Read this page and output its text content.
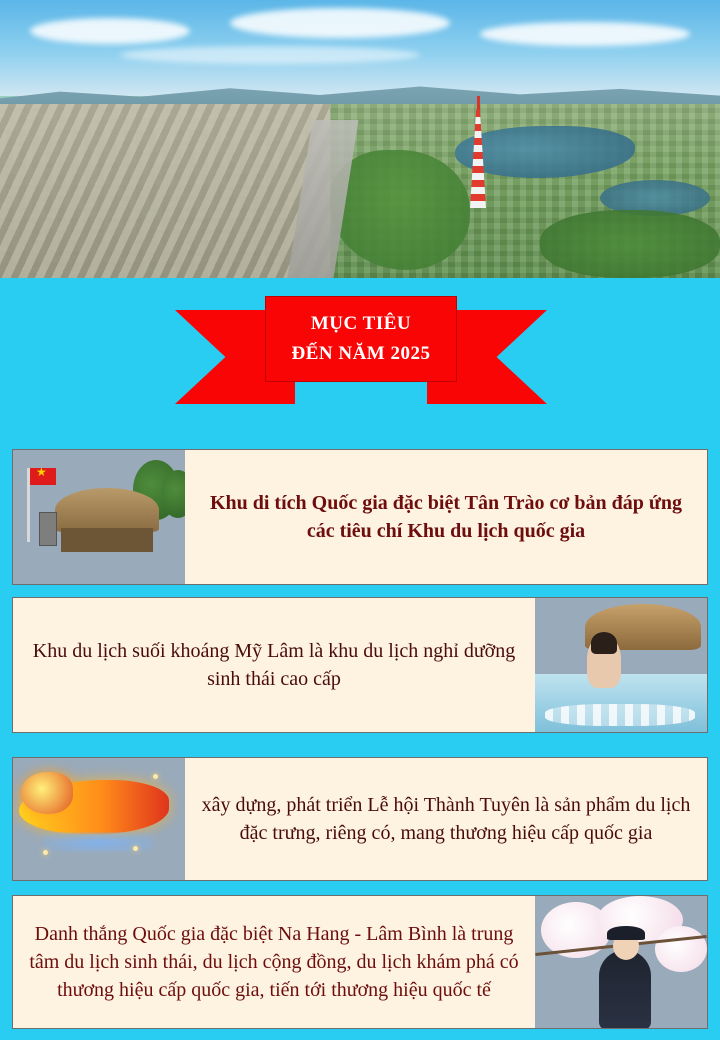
MỤC TIÊU
ĐẾN NĂM 2025
★

Khu di tích Quốc gia đặc biệt Tân Trào cơ bản đáp ứng các tiêu chí Khu du lịch quốc gia

Khu du lịch suối khoáng Mỹ Lâm là khu du lịch nghỉ dưỡng sinh thái cao cấp

xây dựng, phát triển Lễ hội Thành Tuyên là sản phẩm du lịch đặc trưng, riêng có, mang thương hiệu cấp quốc gia

Danh thắng Quốc gia đặc biệt Na Hang - Lâm Bình là trung tâm du lịch sinh thái, du lịch cộng đồng, du lịch khám phá có thương hiệu cấp quốc gia, tiến tới thương hiệu quốc tế
